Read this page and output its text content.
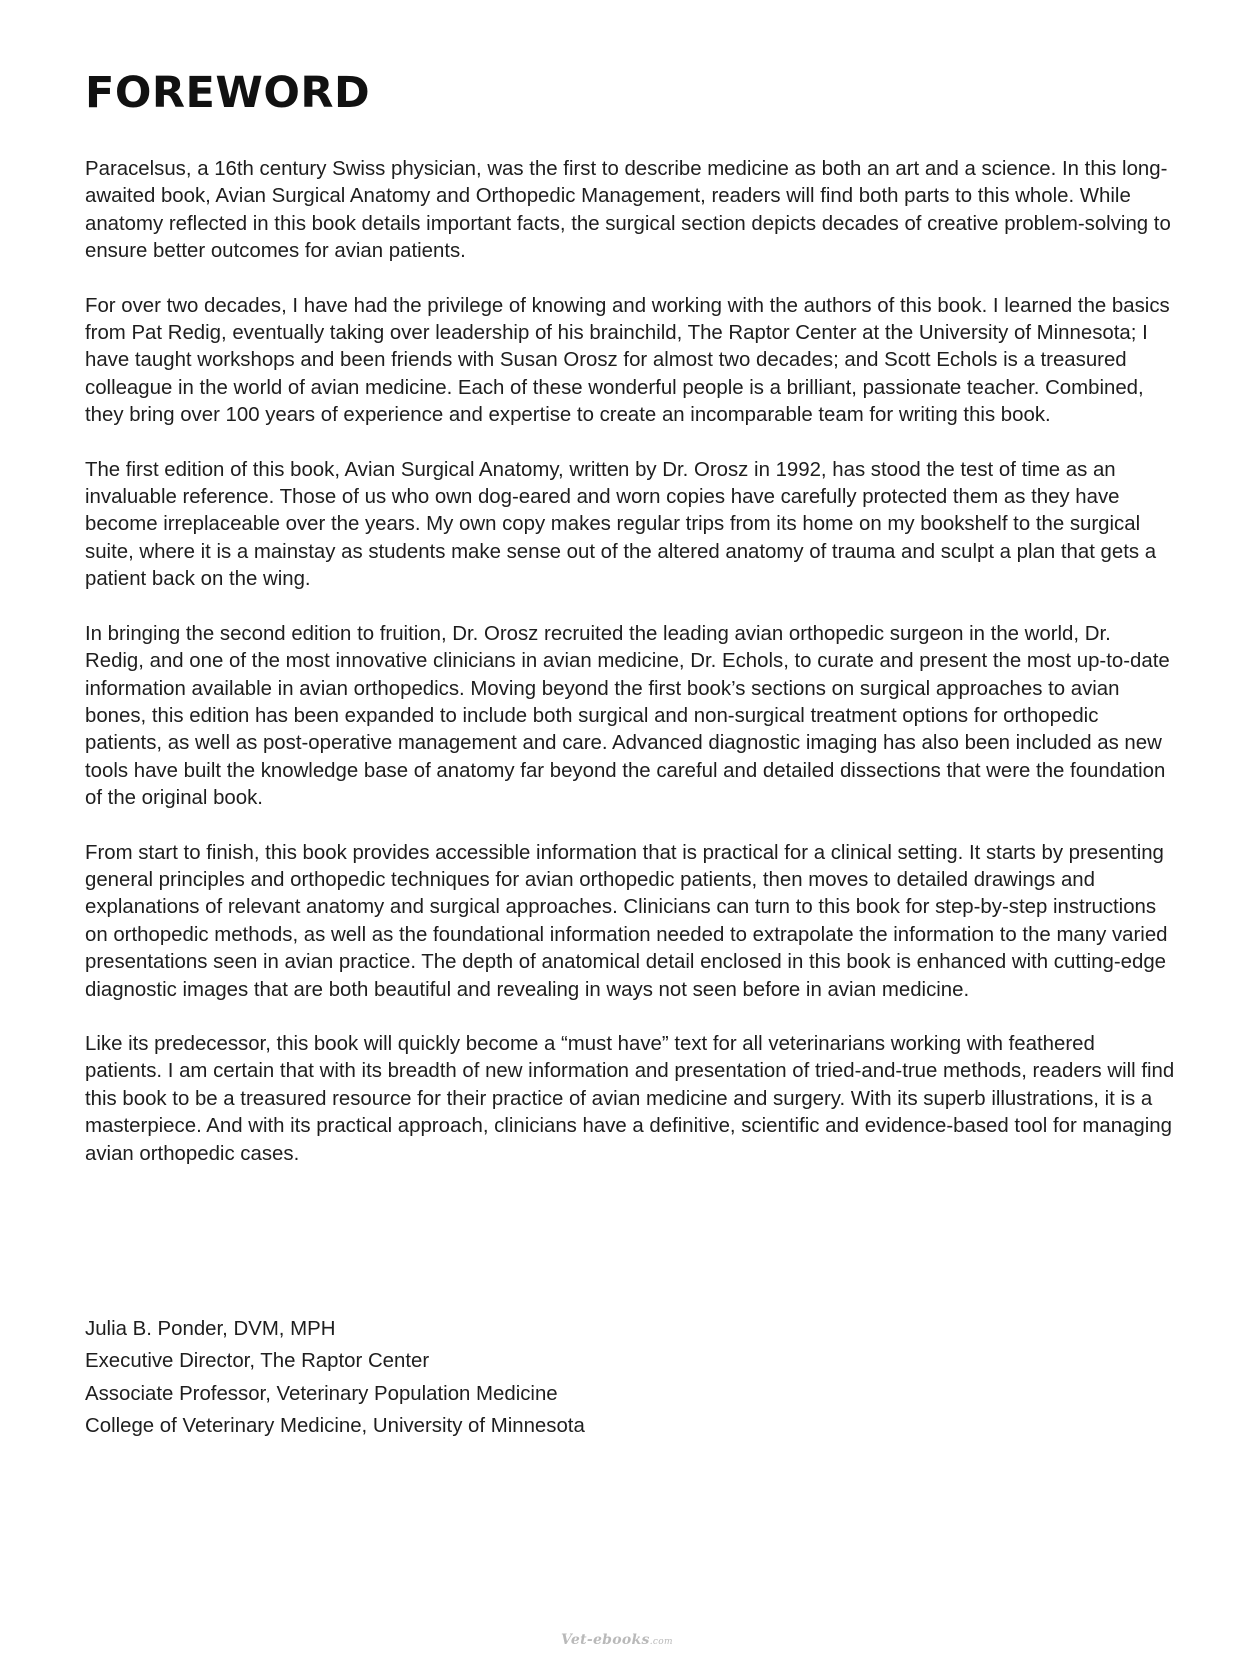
FOREWORD

Paracelsus, a 16th century Swiss physician, was the first to describe medicine as both an art and a science. In this long-awaited book, Avian Surgical Anatomy and Orthopedic Management, readers will find both parts to this whole. While anatomy reflected in this book details important facts, the surgical section depicts decades of creative problem-solving to ensure better outcomes for avian patients.

For over two decades, I have had the privilege of knowing and working with the authors of this book. I learned the basics from Pat Redig, eventually taking over leadership of his brainchild, The Raptor Center at the University of Minnesota; I have taught workshops and been friends with Susan Orosz for almost two decades; and Scott Echols is a treasured colleague in the world of avian medicine. Each of these wonderful people is a brilliant, passionate teacher. Combined, they bring over 100 years of experience and expertise to create an incomparable team for writing this book.

The first edition of this book, Avian Surgical Anatomy, written by Dr. Orosz in 1992, has stood the test of time as an invaluable reference. Those of us who own dog-eared and worn copies have carefully protected them as they have become irreplaceable over the years. My own copy makes regular trips from its home on my bookshelf to the surgical suite, where it is a mainstay as students make sense out of the altered anatomy of trauma and sculpt a plan that gets a patient back on the wing.

In bringing the second edition to fruition, Dr. Orosz recruited the leading avian orthopedic surgeon in the world, Dr. Redig, and one of the most innovative clinicians in avian medicine, Dr. Echols, to curate and present the most up-to-date information available in avian orthopedics. Moving beyond the first book’s sections on surgical approaches to avian bones, this edition has been expanded to include both surgical and non-surgical treatment options for orthopedic patients, as well as post-operative management and care. Advanced diagnostic imaging has also been included as new tools have built the knowledge base of anatomy far beyond the careful and detailed dissections that were the foundation of the original book.

From start to finish, this book provides accessible information that is practical for a clinical setting. It starts by presenting general principles and orthopedic techniques for avian orthopedic patients, then moves to detailed drawings and explanations of relevant anatomy and surgical approaches. Clinicians can turn to this book for step-by-step instructions on orthopedic methods, as well as the foundational information needed to extrapolate the information to the many varied presentations seen in avian practice. The depth of anatomical detail enclosed in this book is enhanced with cutting-edge diagnostic images that are both beautiful and revealing in ways not seen before in avian medicine.

Like its predecessor, this book will quickly become a “must have” text for all veterinarians working with feathered patients. I am certain that with its breadth of new information and presentation of tried-and-true methods, readers will find this book to be a treasured resource for their practice of avian medicine and surgery. With its superb illustrations, it is a masterpiece. And with its practical approach, clinicians have a definitive, scientific and evidence-based tool for managing avian orthopedic cases.

Julia B. Ponder, DVM, MPH
Executive Director, The Raptor Center
Associate Professor, Veterinary Population Medicine
College of Veterinary Medicine, University of Minnesota
Vet-ebooks.com
